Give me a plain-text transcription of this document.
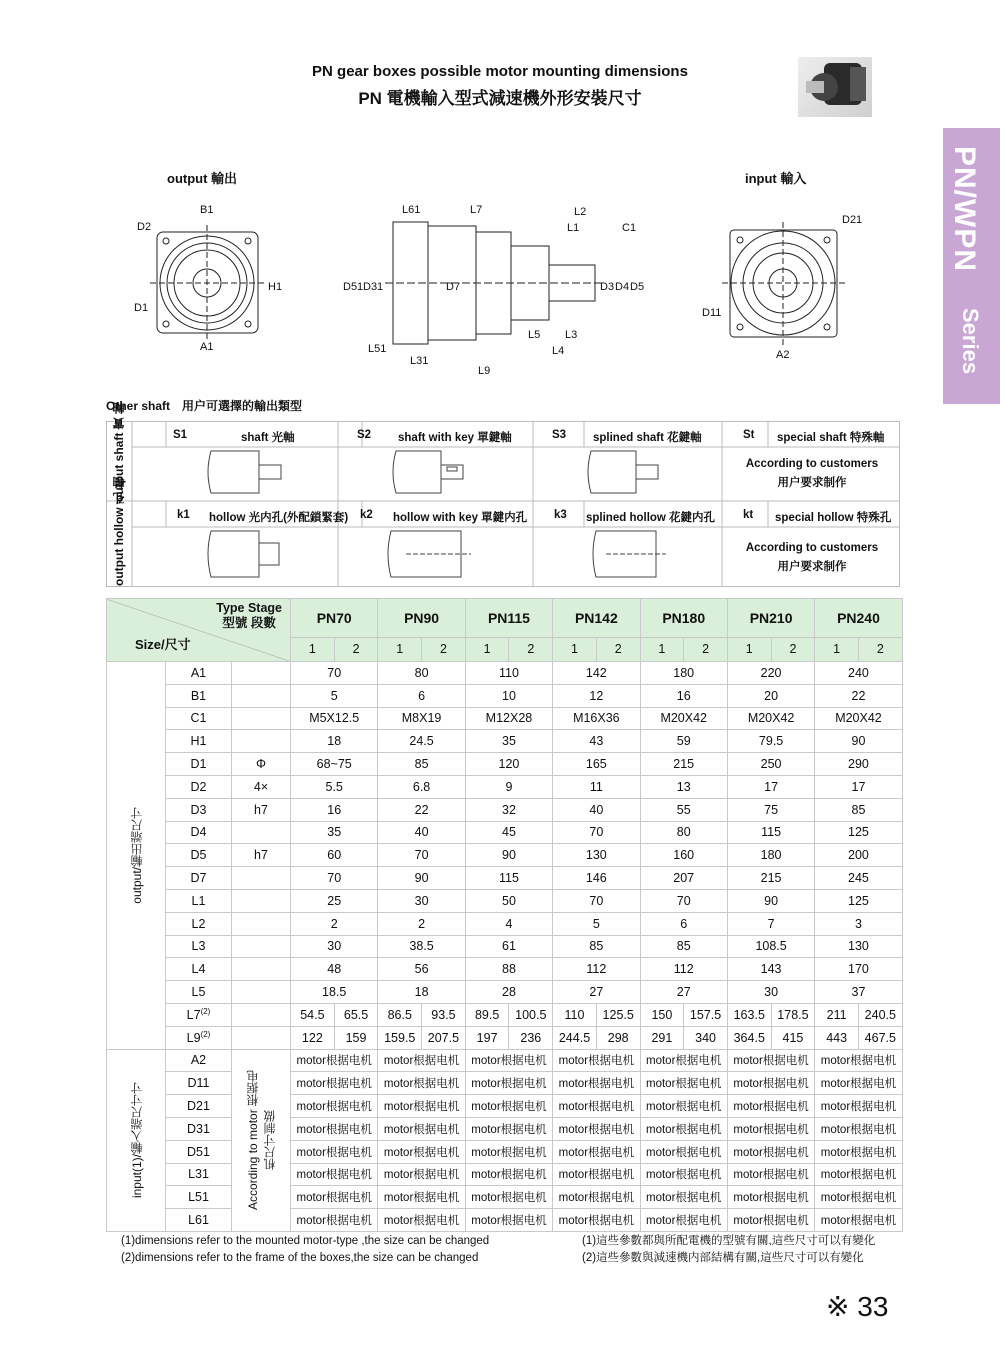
PN gear boxes possible motor mounting dimensions
PN 電機輸入型式減速機外形安裝尺寸
PN/WPN
Series
output 輸出	input 輸入
B1
D2
D1
H1
A1
L61	L7	L2
L1	C1
D51 D31	D7	D3 D4 D5
L5 L3
L4
L51
L31
L9
D21
D11
A2
Other shaft　用户可選擇的輸出類型
output shaft 實 軸
output hollow 孔 軸
S1	shaft 光軸	S2 shaft with key 單鍵軸	S3 splined shaft 花鍵軸	St special shaft 特殊軸
According to customers
用户要求制作
k1 hollow 光内孔(外配鎖緊套) k2 hollow with key 單鍵内孔 k3 splined hollow 花鍵内孔 kt special hollow 特殊孔
According to customers
用户要求制作
Type Stage
型號 段數
Size/尺寸			PN70		PN90		PN115		PN142		PN180		PN210		PN240	
			1	2	1	2	1	2	1	2	1	2	1	2	1	2

output/輸出端尺寸	A1		70		80		110		142		180		220		240	
	B1		5		6		10		12		16		20		22	
	C1		M5X12.5		M8X19		M12X28		M16X36		M20X42		M20X42		M20X42	
	H1		18		24.5		35		43		59		79.5		90	
	D1	Φ	68~75		85		120		165		215		250		290	
	D2	4×	5.5		6.8		9		11		13		17		17	
	D3	h7	16		22		32		40		55		75		85	
	D4		35		40		45		70		80		115		125	
	D5	h7	60		70		90		130		160		180		200	
	D7		70		90		115		146		207		215		245	
	L1		25		30		50		70		70		90		125	
	L2		2		2		4		5		6		7		3	
	L3		30		38.5		61		85		85		108.5		130	
	L4		48		56		88		112		112		143		170	
	L5		18.5		18		28		27		27		30		37	
	L7$^{(2)}$		54.5	65.5	86.5	93.5	89.5	100.5	110	125.5	150	157.5	163.5	178.5	211	240.5
	L9$^{(2)}$		122	159	159.5	207.5	197	236	244.5	298	291	340	364.5	415	443	467.5

input(1)/輸入端尺寸寸	A2	According to motor 根据电机尺寸制做	motor根据电机		motor根据电机		motor根据电机		motor根据电机		motor根据电机		motor根据电机		motor根据电机	
	D11		motor根据电机		motor根据电机		motor根据电机		motor根据电机		motor根据电机		motor根据电机		motor根据电机	
	D21		motor根据电机		motor根据电机		motor根据电机		motor根据电机		motor根据电机		motor根据电机		motor根据电机	
	D31		motor根据电机		motor根据电机		motor根据电机		motor根据电机		motor根据电机		motor根据电机		motor根据电机	
	D51		motor根据电机		motor根据电机		motor根据电机		motor根据电机		motor根据电机		motor根据电机		motor根据电机	
	L31		motor根据电机		motor根据电机		motor根据电机		motor根据电机		motor根据电机		motor根据电机		motor根据电机	
	L51		motor根据电机		motor根据电机		motor根据电机		motor根据电机		motor根据电机		motor根据电机		motor根据电机	
	L61		motor根据电机		motor根据电机		motor根据电机		motor根据电机		motor根据电机		motor根据电机		motor根据电机	
(1)dimensions refer to the mounted motor-type ,the size can be changed
(2)dimensions refer to the frame of the boxes,the size can be changed
(1)這些參數都與所配電機的型號有關,這些尺寸可以有變化
(2)這些參數與減速機内部結構有關,這些尺寸可以有變化
※ 33
